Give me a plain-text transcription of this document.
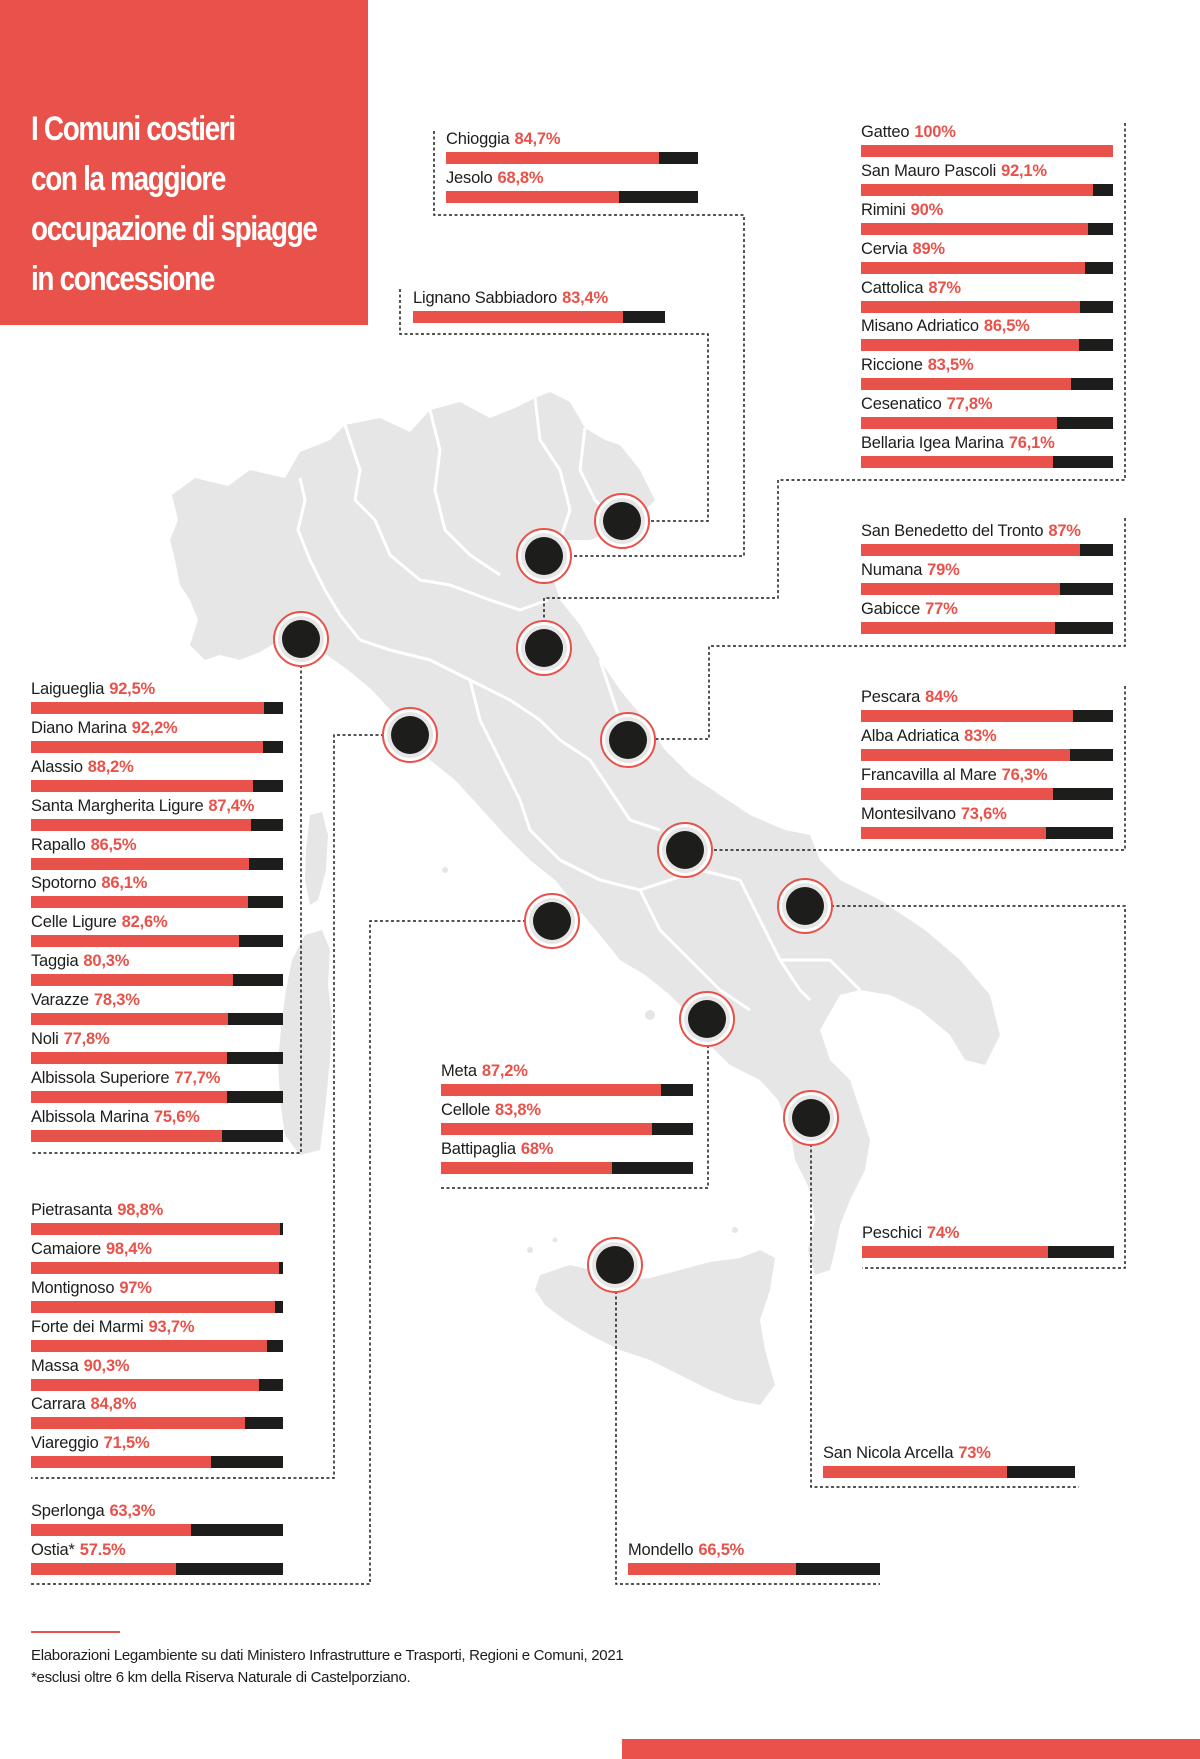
I Comuni costieri
con la maggiore
occupazione di spiagge
in concessione
Chioggia 84,7%
Jesolo 68,8%
Lignano Sabbiadoro 83,4%
Gatteo 100%
San Mauro Pascoli 92,1%
Rimini 90%
Cervia 89%
Cattolica 87%
Misano Adriatico 86,5%
Riccione 83,5%
Cesenatico 77,8%
Bellaria Igea Marina 76,1%
San Benedetto del Tronto 87%
Numana 79%
Gabicce 77%
Pescara 84%
Alba Adriatica 83%
Francavilla al Mare 76,3%
Montesilvano 73,6%
Peschici 74%
San Nicola Arcella 73%
Mondello 66,5%
Meta 87,2%
Cellole 83,8%
Battipaglia 68%
Laigueglia 92,5%
Diano Marina 92,2%
Alassio 88,2%
Santa Margherita Ligure 87,4%
Rapallo 86,5%
Spotorno 86,1%
Celle Ligure 82,6%
Taggia 80,3%
Varazze 78,3%
Noli 77,8%
Albissola Superiore 77,7%
Albissola Marina 75,6%
Pietrasanta 98,8%
Camaiore 98,4%
Montignoso 97%
Forte dei Marmi 93,7%
Massa 90,3%
Carrara 84,8%
Viareggio 71,5%
Sperlonga 63,3%
Ostia* 57.5%
Elaborazioni Legambiente su dati Ministero Infrastrutture e Trasporti, Regioni e Comuni, 2021
*esclusi oltre 6 km della Riserva Naturale di Castelporziano.
